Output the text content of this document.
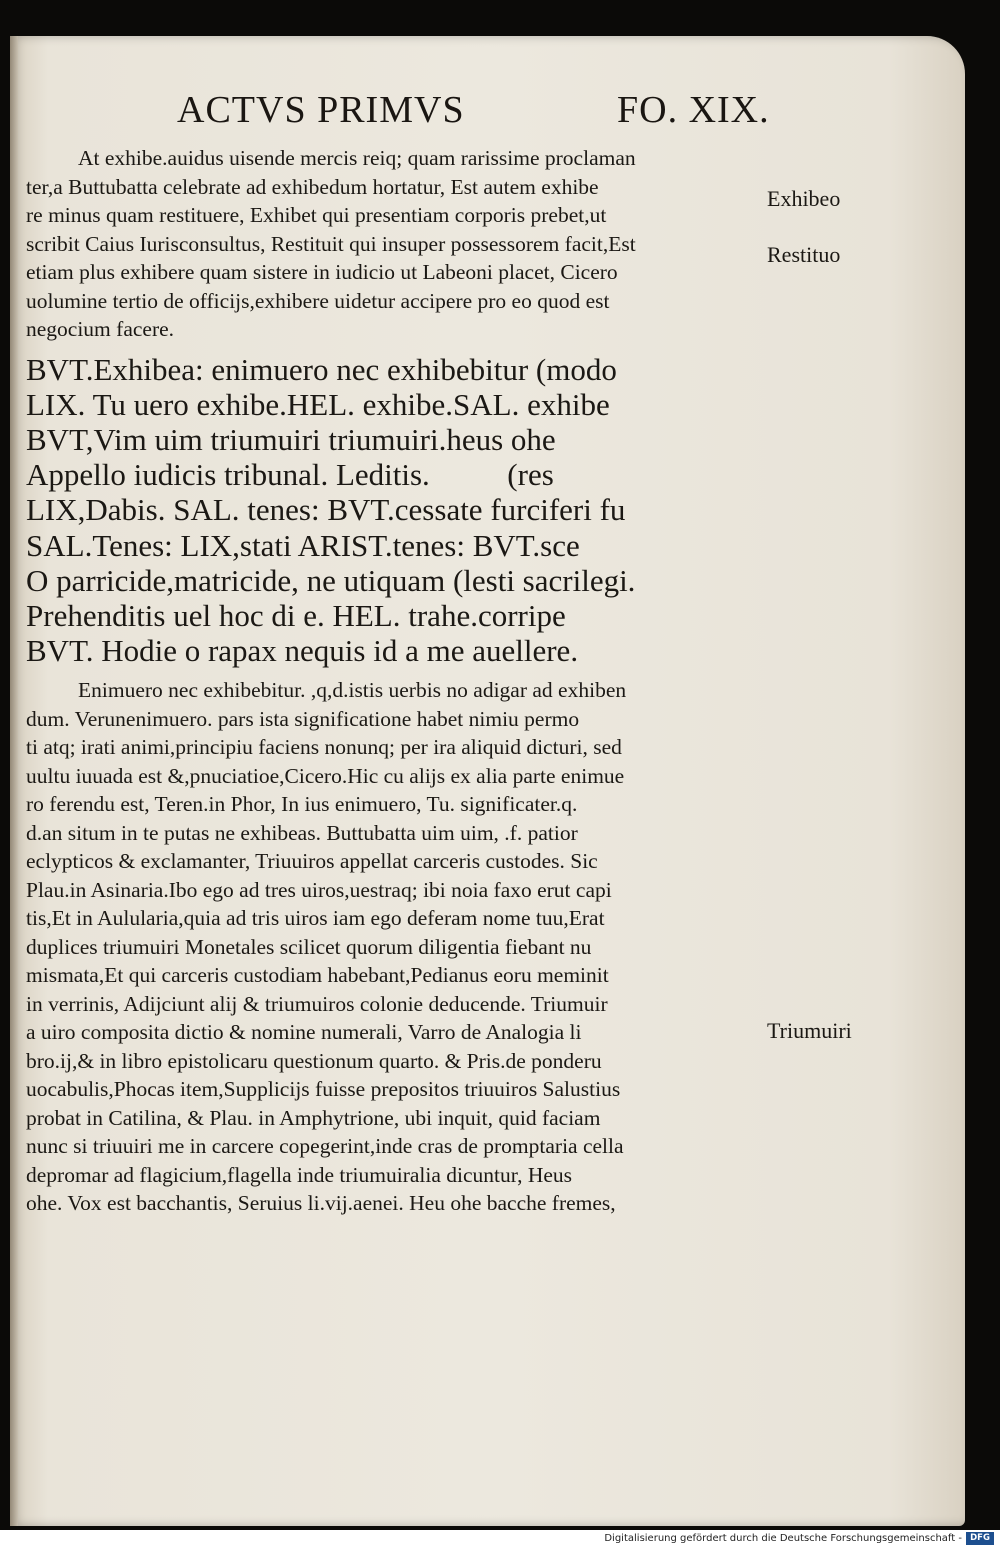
ACTVS PRIMVS	FO. XIX.
At exhibe.auidus uisende mercis reiq; quam rarissime proclaman
ter,a Buttubatta celebrate ad exhibedum hortatur, Est autem exhibe
re minus quam restituere, Exhibet qui presentiam corporis prebet,ut
scribit Caius Iurisconsultus, Restituit qui insuper possessorem facit,Est
etiam plus exhibere quam sistere in iudicio ut Labeoni placet, Cicero
uolumine tertio de officijs,exhibere uidetur accipere pro eo quod est
negocium facere.
BVT.Exhibea: enimuero nec exhibebitur (modo
LIX. Tu uero exhibe.HEL. exhibe.SAL. exhibe
BVT,Vim uim triumuiri triumuiri.heus ohe
Appello iudicis tribunal. Leditis.          (res
LIX,Dabis. SAL. tenes: BVT.cessate furciferi fu
SAL.Tenes: LIX,stati ARIST.tenes: BVT.sce
O parricide,matricide, ne utiquam (lesti sacrilegi.
Prehenditis uel hoc di e. HEL. trahe.corripe
BVT. Hodie o rapax nequis id a me auellere.
Enimuero nec exhibebitur. ,q,d.istis uerbis no adigar ad exhiben
dum. Verunenimuero. pars ista significatione habet nimiu permo
ti atq; irati animi,principiu faciens nonunq; per ira aliquid dicturi, sed
uultu iuuada est &,pnuciatioe,Cicero.Hic cu alijs ex alia parte enimue
ro ferendu est, Teren.in Phor, In ius enimuero, Tu. significater.q.
d.an situm in te putas ne exhibeas. Buttubatta uim uim, .f. patior
eclypticos & exclamanter, Triuuiros appellat carceris custodes. Sic
Plau.in Asinaria.Ibo ego ad tres uiros,uestraq; ibi noia faxo erut capi
tis,Et in Aulularia,quia ad tris uiros iam ego deferam nome tuu,Erat
duplices triumuiri Monetales scilicet quorum diligentia fiebant nu
mismata,Et qui carceris custodiam habebant,Pedianus eoru meminit
in verrinis, Adijciunt alij & triumuiros colonie deducende. Triumuir
a uiro composita dictio & nomine numerali, Varro de Analogia li
bro.ij,& in libro epistolicaru questionum quarto. & Pris.de ponderu
uocabulis,Phocas item,Supplicijs fuisse prepositos triuuiros Salustius
probat in Catilina, & Plau. in Amphytrione, ubi inquit, quid faciam
nunc si triuuiri me in carcere copegerint,inde cras de promptaria cella
depromar ad flagicium,flagella inde triumuiralia dicuntur, Heus
ohe. Vox est bacchantis, Seruius li.vij.aenei. Heu ohe bacche fremes,
Exhibeo
Restituo
Triumuiri
Digitalisierung gefördert durch die Deutsche Forschungsgemeinschaft - DFG
